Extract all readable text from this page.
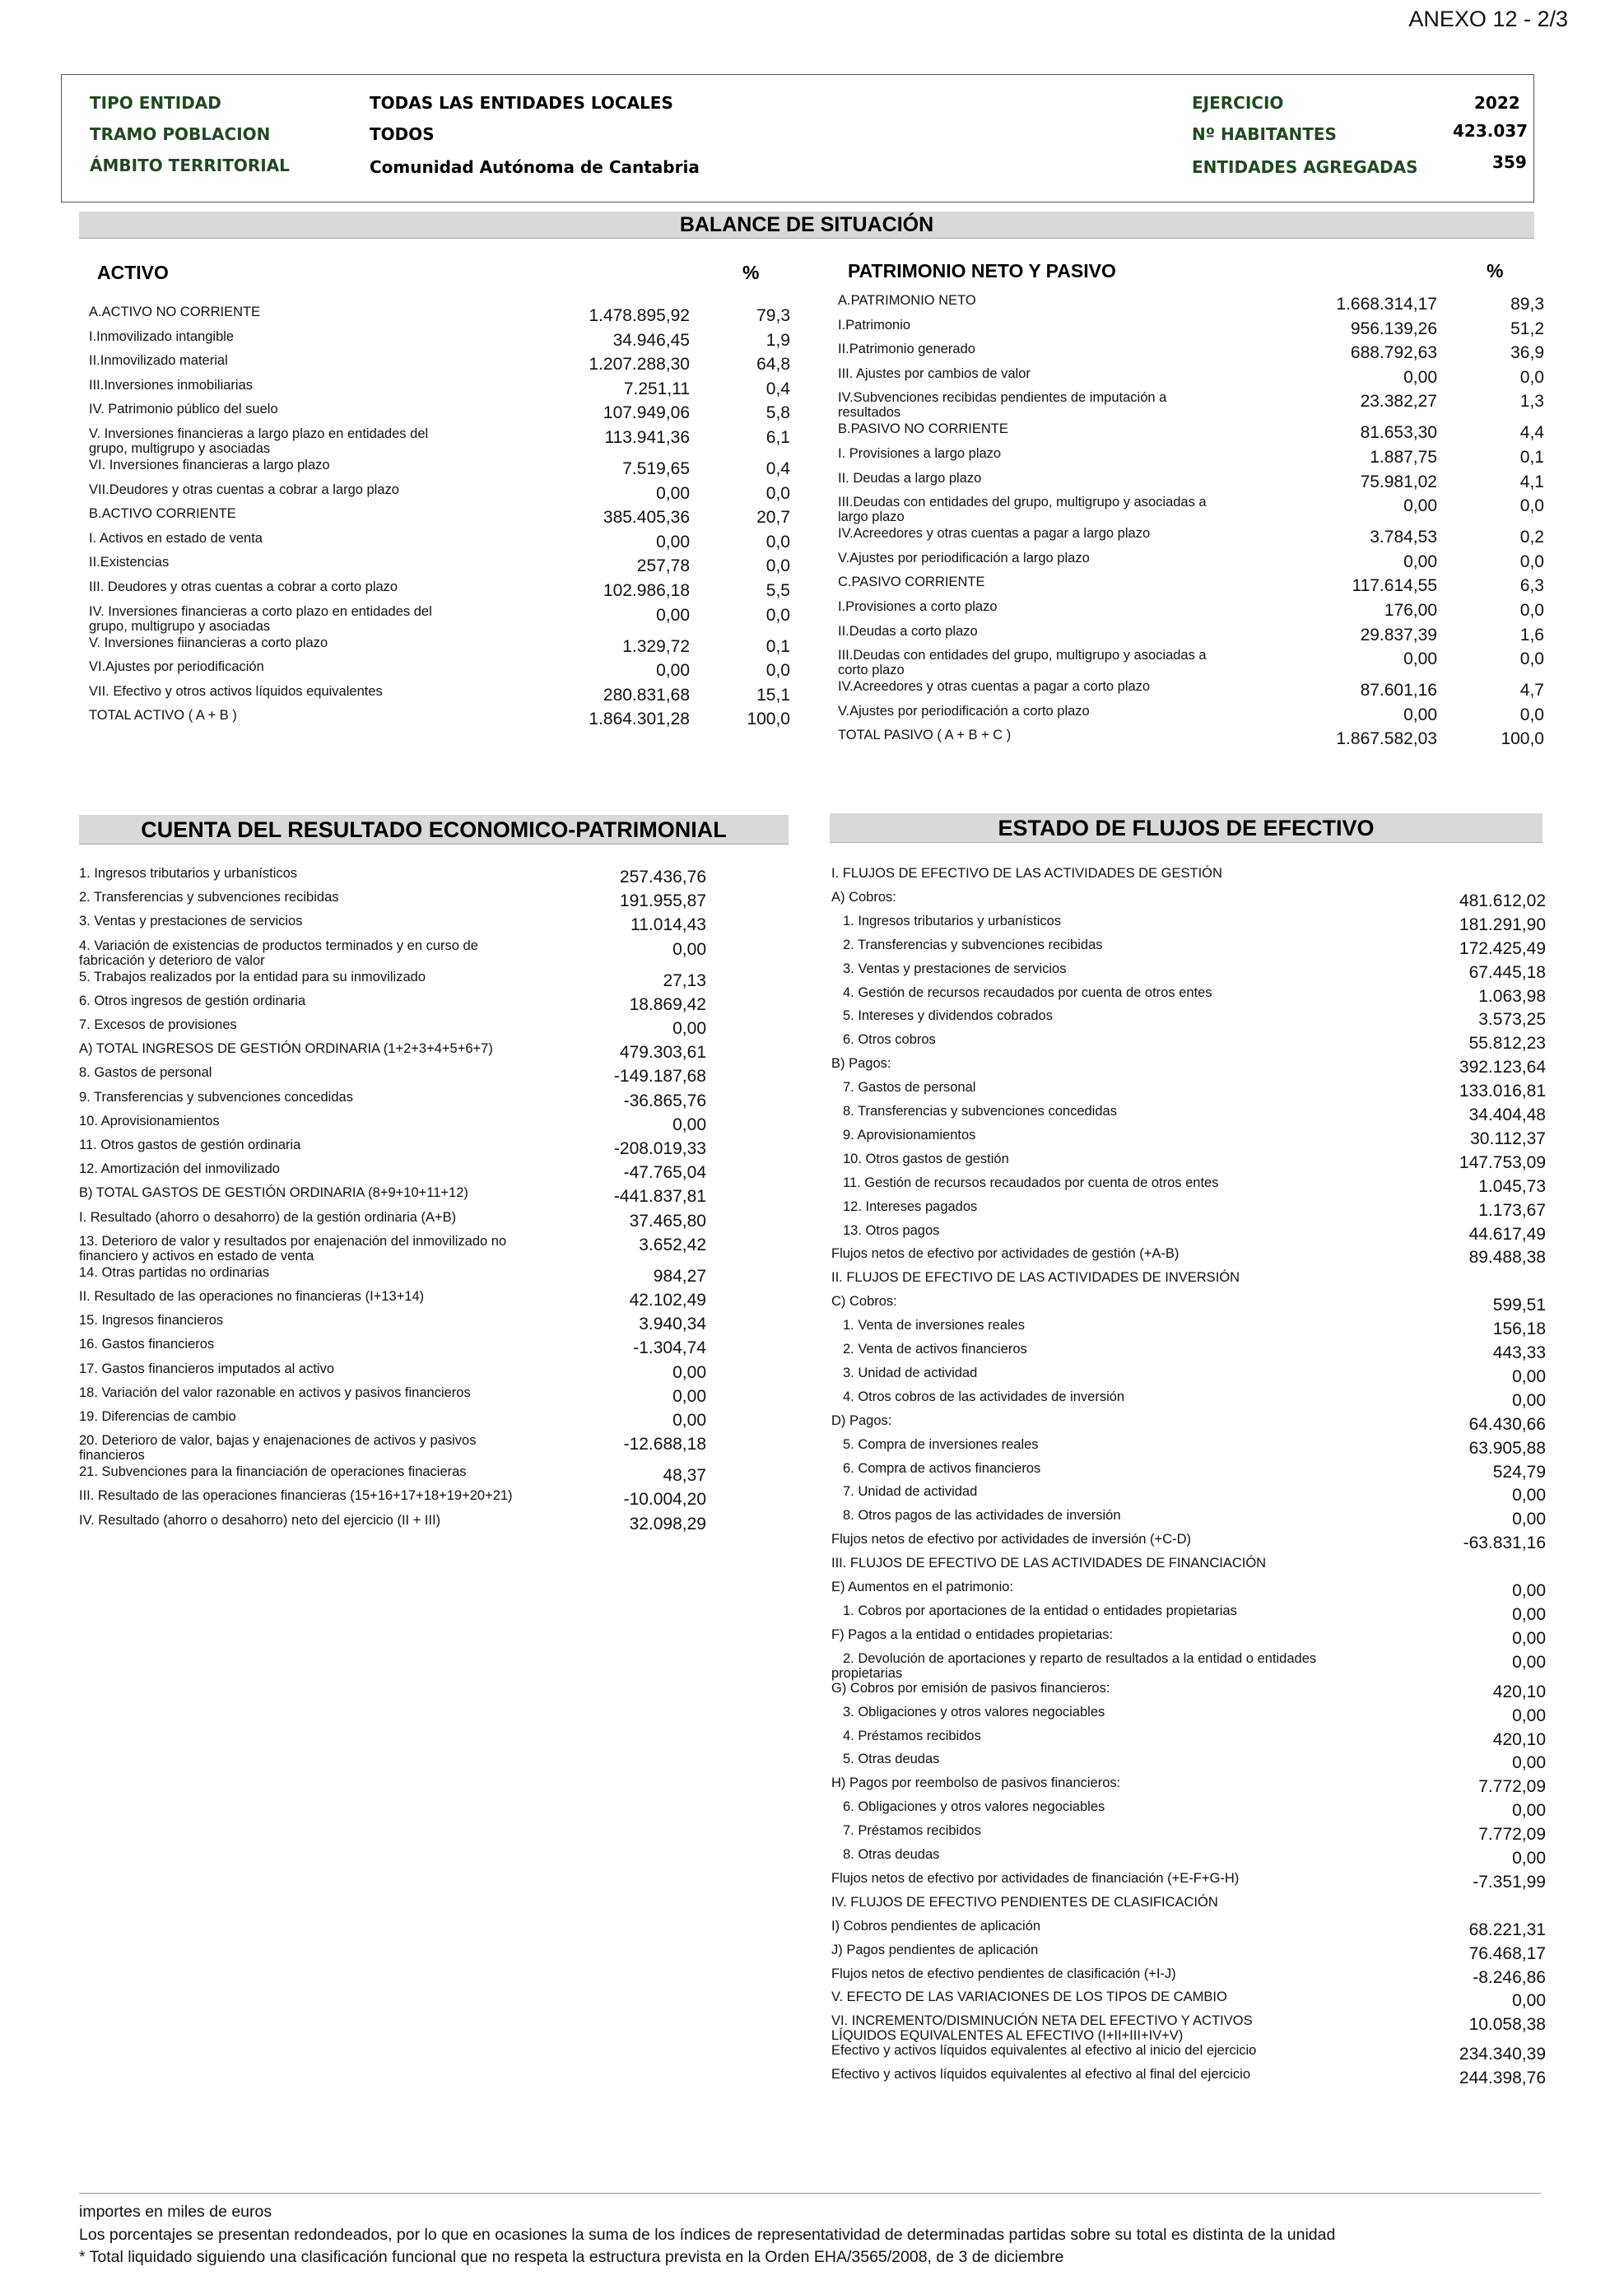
ANEXO 12 - 2/3
TIPO ENTIDAD	TODAS LAS ENTIDADES LOCALES
TRAMO POBLACION	TODOS
ÁMBITO TERRITORIAL	Comunidad Autónoma de Cantabria
EJERCICIO	2022
Nº HABITANTES	423.037
ENTIDADES AGREGADAS	359
BALANCE DE SITUACIÓN
ACTIVO	%
A.ACTIVO NO CORRIENTE	1.478.895,92	79,3
I.Inmovilizado intangible	34.946,45	1,9
II.Inmovilizado material	1.207.288,30	64,8
III.Inversiones inmobiliarias	7.251,11	0,4
IV. Patrimonio público del suelo	107.949,06	5,8
V. Inversiones financieras a largo plazo en entidades del
grupo, multigrupo y asociadas
113.941,36	6,1
VI. Inversiones financieras a largo plazo	7.519,65	0,4
VII.Deudores y otras cuentas a cobrar a largo plazo	0,00	0,0
B.ACTIVO CORRIENTE	385.405,36	20,7
I. Activos en estado de venta	0,00	0,0
II.Existencias	257,78	0,0
III. Deudores y otras cuentas a cobrar a corto plazo	102.986,18	5,5
IV. Inversiones financieras a corto plazo en entidades del
grupo, multigrupo y asociadas
0,00	0,0
V. Inversiones fiinancieras a corto plazo	1.329,72	0,1
VI.Ajustes por periodificación	0,00	0,0
VII. Efectivo y otros activos líquidos equivalentes	280.831,68	15,1
TOTAL ACTIVO ( A + B )	1.864.301,28	100,0
PATRIMONIO NETO Y PASIVO	%
A.PATRIMONIO NETO	1.668.314,17	89,3
I.Patrimonio	956.139,26	51,2
II.Patrimonio generado	688.792,63	36,9
III. Ajustes por cambios de valor	0,00	0,0
IV.Subvenciones recibidas pendientes de imputación a
resultados
23.382,27	1,3
B.PASIVO NO CORRIENTE	81.653,30	4,4
I. Provisiones a largo plazo	1.887,75	0,1
II. Deudas a largo plazo	75.981,02	4,1
III.Deudas con entidades del grupo, multigrupo y asociadas a
largo plazo
0,00	0,0
IV.Acreedores y otras cuentas a pagar a largo plazo	3.784,53	0,2
V.Ajustes por periodificación a largo plazo	0,00	0,0
C.PASIVO CORRIENTE	117.614,55	6,3
I.Provisiones a corto plazo	176,00	0,0
II.Deudas a corto plazo	29.837,39	1,6
III.Deudas con entidades del grupo, multigrupo y asociadas a
corto plazo
0,00	0,0
IV.Acreedores y otras cuentas a pagar a corto plazo	87.601,16	4,7
V.Ajustes por periodificación a corto plazo	0,00	0,0
TOTAL PASIVO ( A + B + C )	1.867.582,03	100,0
CUENTA DEL RESULTADO ECONOMICO-PATRIMONIAL	ESTADO DE FLUJOS DE EFECTIVO
1. Ingresos tributarios y urbanísticos	257.436,76
2. Transferencias y subvenciones recibidas	191.955,87
3. Ventas y prestaciones de servicios	11.014,43
4. Variación de existencias de productos terminados y en curso de
fabricación y deterioro de valor
0,00
5. Trabajos realizados por la entidad para su inmovilizado	27,13
6. Otros ingresos de gestión ordinaria	18.869,42
7. Excesos de provisiones	0,00
A) TOTAL INGRESOS DE GESTIÓN ORDINARIA (1+2+3+4+5+6+7)	479.303,61
8. Gastos de personal	-149.187,68
9. Transferencias y subvenciones concedidas	-36.865,76
10. Aprovisionamientos	0,00
11. Otros gastos de gestión ordinaria	-208.019,33
12. Amortización del inmovilizado	-47.765,04
B) TOTAL GASTOS DE GESTIÓN ORDINARIA (8+9+10+11+12)	-441.837,81
I. Resultado (ahorro o desahorro) de la gestión ordinaria (A+B)	37.465,80
13. Deterioro de valor y resultados por enajenación del inmovilizado no
financiero y activos en estado de venta
3.652,42
14. Otras partidas no ordinarias	984,27
II. Resultado de las operaciones no financieras (I+13+14)	42.102,49
15. Ingresos financieros	3.940,34
16. Gastos financieros	-1.304,74
17. Gastos financieros imputados al activo	0,00
18. Variación del valor razonable en activos y pasivos financieros	0,00
19. Diferencias de cambio	0,00
20. Deterioro de valor, bajas y enajenaciones de activos y pasivos
financieros
-12.688,18
21. Subvenciones para la financiación de operaciones finacieras	48,37
III. Resultado de las operaciones financieras (15+16+17+18+19+20+21)	-10.004,20
IV. Resultado (ahorro o desahorro) neto del ejercicio (II + III)	32.098,29
I. FLUJOS DE EFECTIVO DE LAS ACTIVIDADES DE GESTIÓN
A) Cobros:	481.612,02
1. Ingresos tributarios y urbanísticos	181.291,90
2. Transferencias y subvenciones recibidas	172.425,49
3. Ventas y prestaciones de servicios	67.445,18
4. Gestión de recursos recaudados por cuenta de otros entes	1.063,98
5. Intereses y dividendos cobrados	3.573,25
6. Otros cobros	55.812,23
B) Pagos:	392.123,64
7. Gastos de personal	133.016,81
8. Transferencias y subvenciones concedidas	34.404,48
9. Aprovisionamientos	30.112,37
10. Otros gastos de gestión	147.753,09
11. Gestión de recursos recaudados por cuenta de otros entes	1.045,73
12. Intereses pagados	1.173,67
13. Otros pagos	44.617,49
Flujos netos de efectivo por actividades de gestión (+A-B)	89.488,38
II. FLUJOS DE EFECTIVO DE LAS ACTIVIDADES DE INVERSIÓN
C) Cobros:	599,51
1. Venta de inversiones reales	156,18
2. Venta de activos financieros	443,33
3. Unidad de actividad	0,00
4. Otros cobros de las actividades de inversión	0,00
D) Pagos:	64.430,66
5. Compra de inversiones reales	63.905,88
6. Compra de activos financieros	524,79
7. Unidad de actividad	0,00
8. Otros pagos de las actividades de inversión	0,00
Flujos netos de efectivo por actividades de inversión (+C-D)	-63.831,16
III. FLUJOS DE EFECTIVO DE LAS ACTIVIDADES DE FINANCIACIÓN
E) Aumentos en el patrimonio:	0,00
1. Cobros por aportaciones de la entidad o entidades propietarias	0,00
F) Pagos a la entidad o entidades propietarias:	0,00
2. Devolución de aportaciones y reparto de resultados a la entidad o entidades
propietarias
0,00
G) Cobros por emisión de pasivos financieros:	420,10
3. Obligaciones y otros valores negociables	0,00
4. Préstamos recibidos	420,10
5. Otras deudas	0,00
H) Pagos por reembolso de pasivos financieros:	7.772,09
6. Obligaciones y otros valores negociables	0,00
7. Préstamos recibidos	7.772,09
8. Otras deudas	0,00
Flujos netos de efectivo por actividades de financiación (+E-F+G-H)	-7.351,99
IV. FLUJOS DE EFECTIVO PENDIENTES DE CLASIFICACIÓN
I) Cobros pendientes de aplicación	68.221,31
J) Pagos pendientes de aplicación	76.468,17
Flujos netos de efectivo pendientes de clasificación (+I-J)	-8.246,86
V. EFECTO DE LAS VARIACIONES DE LOS TIPOS DE CAMBIO	0,00
VI. INCREMENTO/DISMINUCIÓN NETA DEL EFECTIVO Y ACTIVOS
LÍQUIDOS EQUIVALENTES AL EFECTIVO (I+II+III+IV+V)
10.058,38
Efectivo y activos líquidos equivalentes al efectivo al inicio del ejercicio	234.340,39
Efectivo y activos líquidos equivalentes al efectivo al final del ejercicio	244.398,76
importes en miles de euros
Los porcentajes se presentan redondeados, por lo que en ocasiones la suma de los índices de representatividad de determinadas partidas sobre su total es distinta de la unidad
* Total liquidado siguiendo una clasificación funcional que no respeta la estructura prevista en la Orden EHA/3565/2008, de 3 de diciembre
